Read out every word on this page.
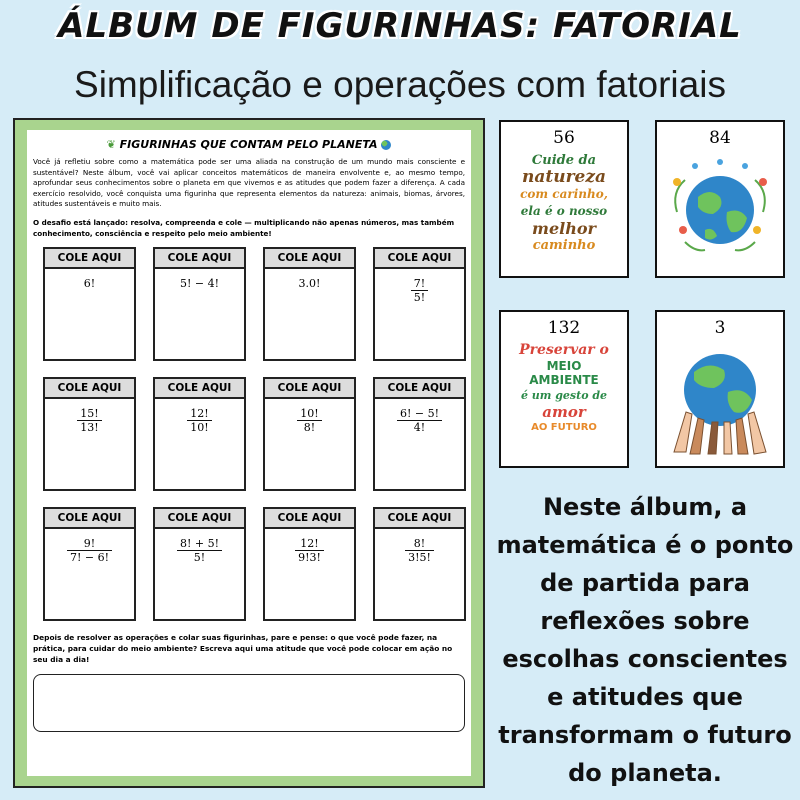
ÁLBUM DE FIGURINHAS: FATORIAL
Simplificação e operações com fatoriais
❦ FIGURINHAS QUE CONTAM PELO PLANETA

Você já refletiu sobre como a matemática pode ser uma aliada na construção de um mundo mais consciente e sustentável? Neste álbum, você vai aplicar conceitos matemáticos de maneira envolvente e, ao mesmo tempo, aprofundar seus conhecimentos sobre o planeta em que vivemos e as atitudes que podem fazer a diferença. A cada exercício resolvido, você conquista uma figurinha que representa elementos da natureza: animais, biomas, árvores, atitudes sustentáveis e muito mais.

O desafio está lançado: resolva, compreenda e cole — multiplicando não apenas números, mas também conhecimento, consciência e respeito pelo meio ambiente!

COLE AQUI
6!
COLE AQUI
5! − 4!
COLE AQUI
3.0!
COLE AQUI
$\frac{7!}{5!}$
COLE AQUI
$\frac{15!}{13!}$
COLE AQUI
$\frac{12!}{10!}$
COLE AQUI
$\frac{10!}{8!}$
COLE AQUI
$\frac{6! - 5!}{4!}$
COLE AQUI
$\frac{9!}{7! - 6!}$
COLE AQUI
$\frac{8! + 5!}{5!}$
COLE AQUI
$\frac{12!}{9!3!}$
COLE AQUI
$\frac{8!}{3!5!}$

Depois de resolver as operações e colar suas figurinhas, pare e pense: o que você pode fazer, na prática, para cuidar do meio ambiente? Escreva aqui uma atitude que você pode colocar em ação no seu dia a dia!

56
Cuide da
natureza
com carinho,
ela é o nosso
melhor
caminho
84
132
Preservar o
MEIO
AMBIENTE
é um gesto de
amor
AO FUTURO
3
Neste álbum, a matemática é o ponto de partida para reflexões sobre escolhas conscientes e atitudes que transformam o futuro do planeta.
